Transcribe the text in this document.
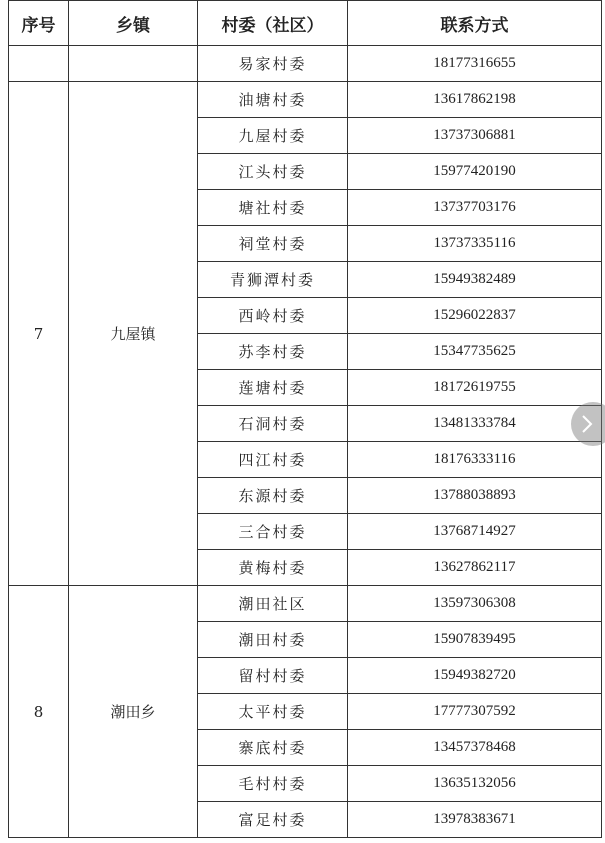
序号	乡镇	村委（社区）	联系方式
		易家村委	18177316655
7	九屋镇	油塘村委	13617862198
		九屋村委	13737306881
		江头村委	15977420190
		塘社村委	13737703176
		祠堂村委	13737335116
		青狮潭村委	15949382489
		西岭村委	15296022837
		苏李村委	15347735625
		莲塘村委	18172619755
		石洞村委	13481333784
		四江村委	18176333116
		东源村委	13788038893
		三合村委	13768714927
		黄梅村委	13627862117
8	潮田乡	潮田社区	13597306308
		潮田村委	15907839495
		留村村委	15949382720
		太平村委	17777307592
		寨底村委	13457378468
		毛村村委	13635132056
		富足村委	13978383671
